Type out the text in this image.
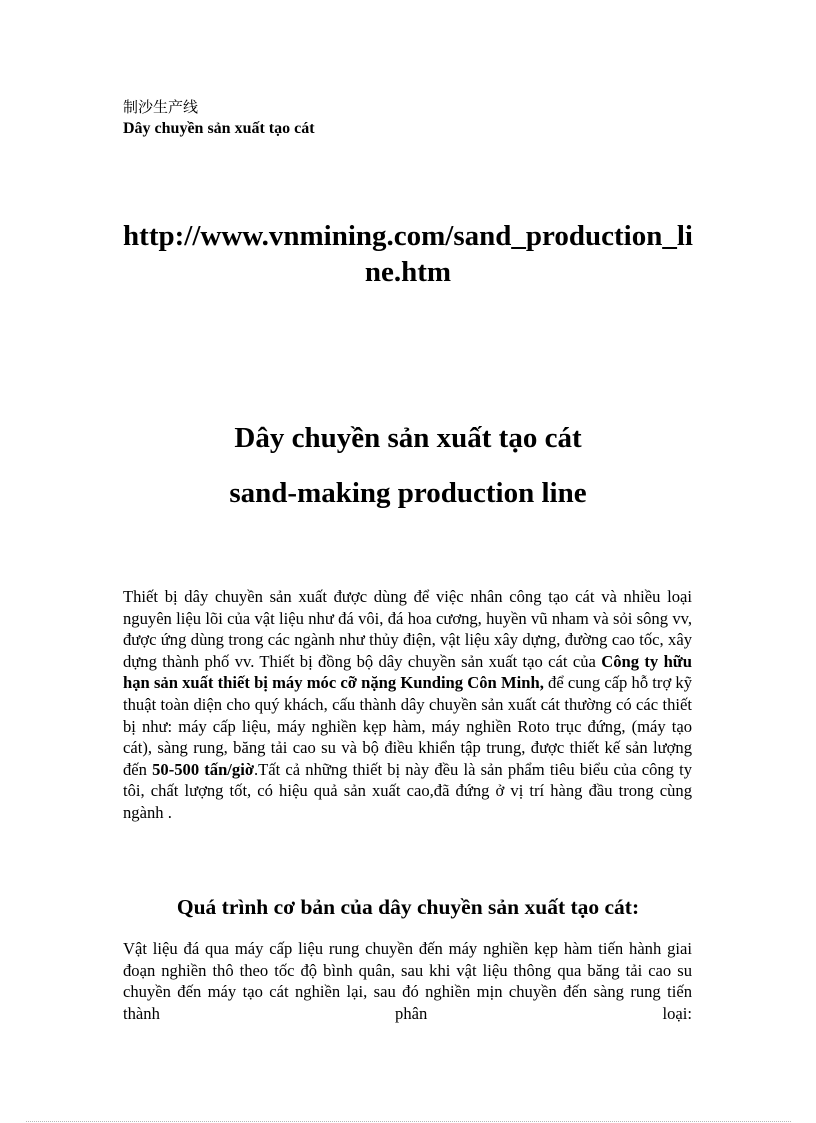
制沙生产线
Dây chuyền sản xuất tạo cát
http://www.vnmining.com/sand_production_line.htm
Dây chuyền sản xuất tạo cát
sand-making production line
Thiết bị dây chuyền sản xuất được dùng để việc nhân công tạo cát và nhiều loại nguyên liệu lõi của vật liệu như đá vôi, đá hoa cương, huyền vũ nham và sỏi sông vv, được ứng dùng trong các ngành như thủy điện, vật liệu xây dựng, đường cao tốc, xây dựng thành phố vv. Thiết bị đồng bộ dây chuyền sản xuất tạo cát của Công ty hữu hạn sản xuất thiết bị máy móc cỡ nặng Kunding Côn Minh, để cung cấp hỗ trợ kỹ thuật toàn diện cho quý khách, cấu thành dây chuyền sản xuất cát thường có các thiết bị như: máy cấp liệu, máy nghiền kẹp hàm, máy nghiền Roto trục đứng, (máy tạo cát), sàng rung, băng tải cao su và bộ điều khiển tập trung, được thiết kế sản lượng đến 50-500 tấn/giờ.Tất cả những thiết bị này đều là sản phẩm tiêu biểu của công ty tôi, chất lượng tốt, có hiệu quả sản xuất cao,đã đứng ở vị trí hàng đầu trong cùng ngành .
Quá trình cơ bản của dây chuyền sản xuất tạo cát:
Vật liệu đá qua máy cấp liệu rung chuyền đến máy nghiền kẹp hàm tiến hành giai đoạn nghiền thô theo tốc độ bình quân, sau khi vật liệu thông qua băng tải cao su chuyền đến máy tạo cát nghiền lại, sau đó nghiền mịn chuyền đến sàng rung tiến thành phân loại:
